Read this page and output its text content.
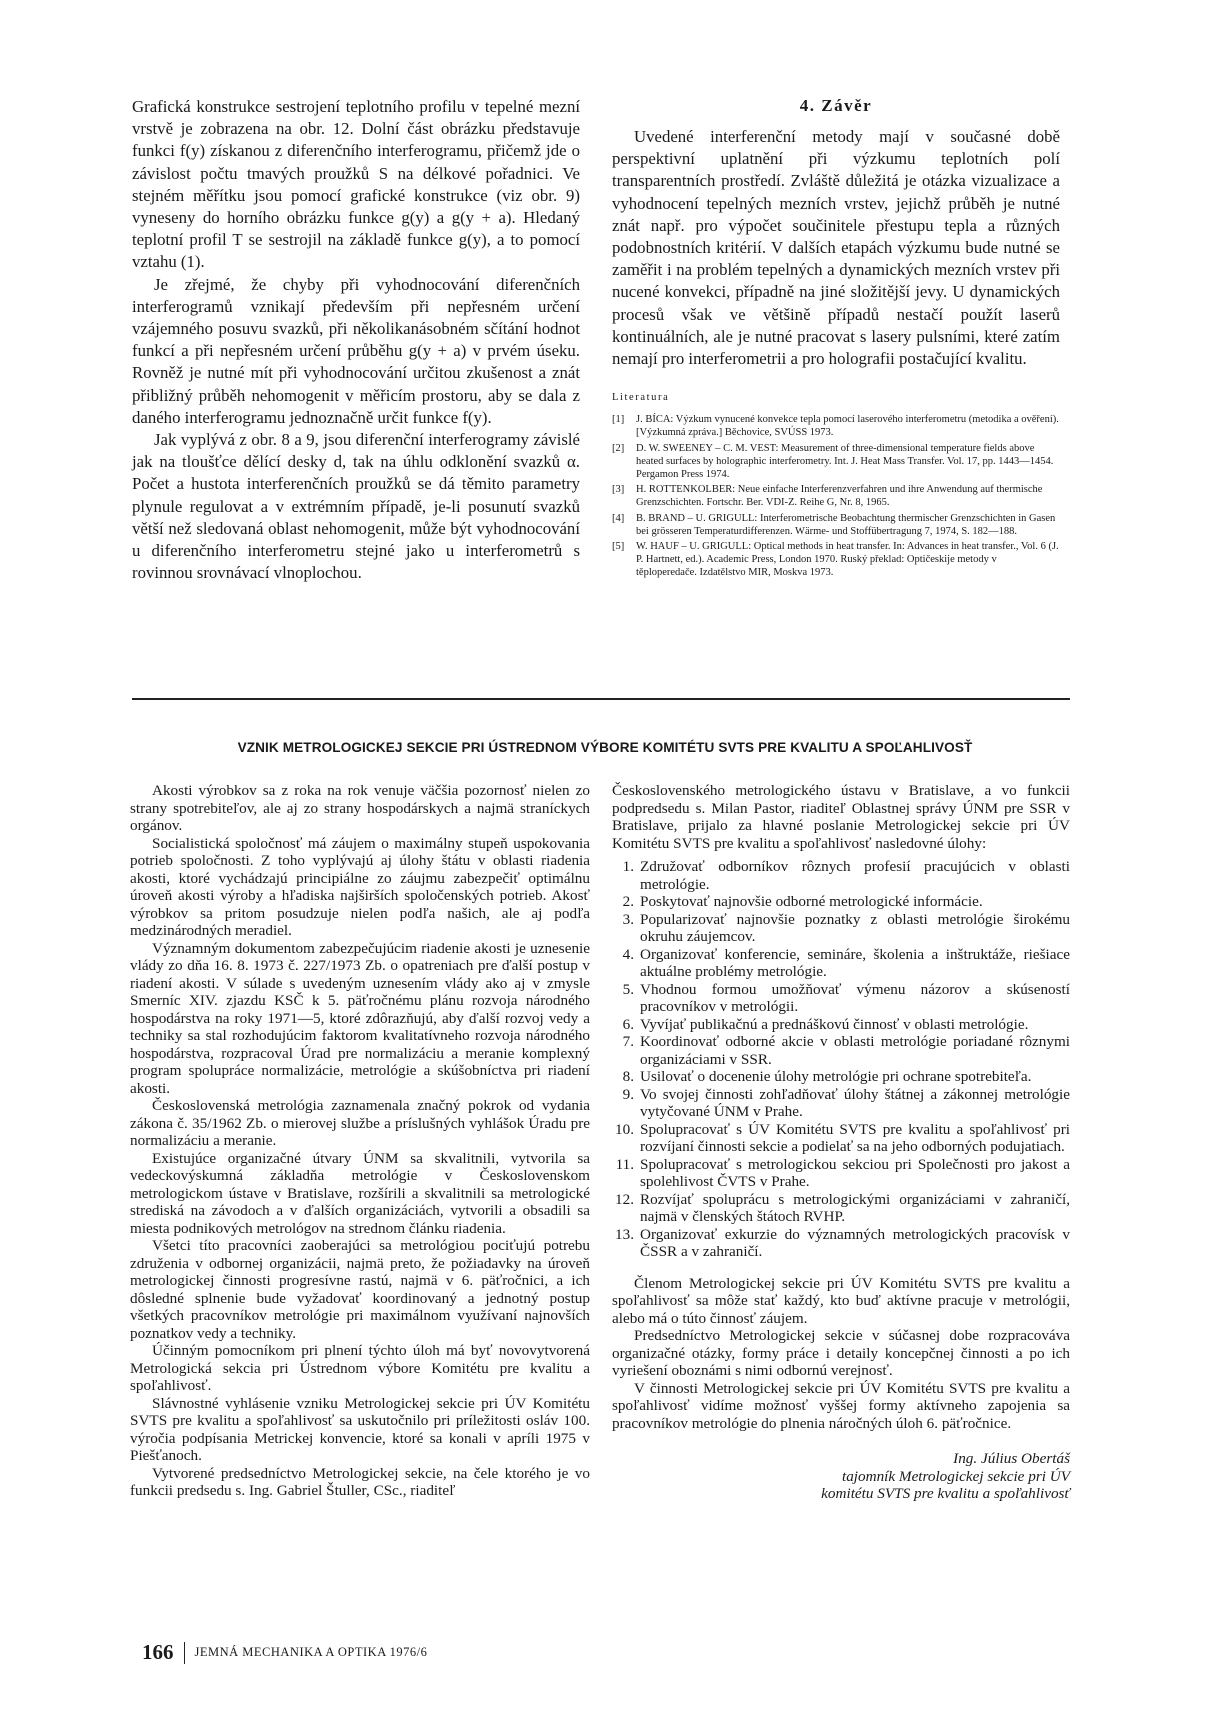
Grafická konstrukce sestrojení teplotního profilu v tepelné mezní vrstvě je zobrazena na obr. 12. Dolní část obrázku představuje funkci f(y) získanou z diferenčního interferogramu, přičemž jde o závislost počtu tmavých proužků S na délkové pořadnici. Ve stejném měřítku jsou pomocí grafické konstrukce (viz obr. 9) vyneseny do horního obrázku funkce g(y) a g(y + a). Hledaný teplotní profil T se sestrojil na základě funkce g(y), a to pomocí vztahu (1).

Je zřejmé, že chyby při vyhodnocování diferenčních interferogramů vznikají především při nepřesném určení vzájemného posuvu svazků, při několikanásobném sčítání hodnot funkcí a při nepřesném určení průběhu g(y + a) v prvém úseku. Rovněž je nutné mít při vyhodnocování určitou zkušenost a znát přibližný průběh nehomogenit v měřicím prostoru, aby se dala z daného interferogramu jednoznačně určit funkce f(y).

Jak vyplývá z obr. 8 a 9, jsou diferenční interferogramy závislé jak na tloušťce dělící desky d, tak na úhlu odklonění svazků α. Počet a hustota interferenčních proužků se dá těmito parametry plynule regulovat a v extrémním případě, je-li posunutí svazků větší než sledovaná oblast nehomogenit, může být vyhodnocování u diferenčního interferometru stejné jako u interferometrů s rovinnou srovnávací vlnoplochou.

4. Závěr

Uvedené interferenční metody mají v současné době perspektivní uplatnění při výzkumu teplotních polí transparentních prostředí. Zvláště důležitá je otázka vizualizace a vyhodnocení tepelných mezních vrstev, jejichž průběh je nutné znát např. pro výpočet součinitele přestupu tepla a různých podobnostních kritérií. V dalších etapách výzkumu bude nutné se zaměřit i na problém tepelných a dynamických mezních vrstev při nucené konvekci, případně na jiné složitější jevy. U dynamických procesů však ve většině případů nestačí použít laserů kontinuálních, ale je nutné pracovat s lasery pulsními, které zatím nemají pro interferometrii a pro holografii postačující kvalitu.

Literatura
[1] J. BÍCA: Výzkum vynucené konvekce tepla pomocí laserového interferometru (metodika a ověření). [Výzkumná zpráva.] Běchovice, SVÚSS 1973.
[2] D. W. SWEENEY – C. M. VEST: Measurement of three-dimensional temperature fields above heated surfaces by holographic interferometry. Int. J. Heat Mass Transfer. Vol. 17, pp. 1443—1454. Pergamon Press 1974.
[3] H. ROTTENKOLBER: Neue einfache Interferenzverfahren und ihre Anwendung auf thermische Grenzschichten. Fortschr. Ber. VDI-Z. Reihe G, Nr. 8, 1965.
[4] B. BRAND – U. GRIGULL: Interferometrische Beobachtung thermischer Grenzschichten in Gasen bei grösseren Temperaturdifferenzen. Wärme- und Stoffübertragung 7, 1974, S. 182—188.
[5] W. HAUF – U. GRIGULL: Optical methods in heat transfer. In: Advances in heat transfer., Vol. 6 (J. P. Hartnett, ed.). Academic Press, London 1970. Ruský překlad: Optičeskije metody v těploperedače. Izdatělstvo MIR, Moskva 1973.
VZNIK METROLOGICKEJ SEKCIE PRI ÚSTREDNOM VÝBORE KOMITÉTU SVTS PRE KVALITU A SPOĽAHLIVOSŤ

Akosti výrobkov sa z roka na rok venuje väčšia pozornosť nielen zo strany spotrebiteľov, ale aj zo strany hospodárskych a najmä straníckych orgánov.

Socialistická spoločnosť má záujem o maximálny stupeň uspokovania potrieb spoločnosti. Z toho vyplývajú aj úlohy štátu v oblasti riadenia akosti, ktoré vychádzajú principiálne zo záujmu zabezpečiť optimálnu úroveň akosti výroby a hľadiska najširších spoločenských potrieb. Akosť výrobkov sa pritom posudzuje nielen podľa našich, ale aj podľa medzinárodných meradiel.

Významným dokumentom zabezpečujúcim riadenie akosti je uznesenie vlády zo dňa 16. 8. 1973 č. 227/1973 Zb. o opatreniach pre ďalší postup v riadení akosti. V súlade s uvedeným uznesením vlády ako aj v zmysle Smerníc XIV. zjazdu KSČ k 5. päťročnému plánu rozvoja národného hospodárstva na roky 1971—5, ktoré zdôrazňujú, aby ďalší rozvoj vedy a techniky sa stal rozhodujúcim faktorom kvalitatívneho rozvoja národného hospodárstva, rozpracoval Úrad pre normalizáciu a meranie komplexný program spolupráce normalizácie, metrológie a skúšobníctva pri riadení akosti.

Československá metrológia zaznamenala značný pokrok od vydania zákona č. 35/1962 Zb. o mierovej službe a príslušných vyhlášok Úradu pre normalizáciu a meranie.

Existujúce organizačné útvary ÚNM sa skvalitnili, vytvorila sa vedeckovýskumná základňa metrológie v Československom metrologickom ústave v Bratislave, rozšírili a skvalitnili sa metrologické strediská na závodoch a v ďalších organizáciách, vytvorili a obsadili sa miesta podnikových metrológov na strednom článku riadenia.

Všetci títo pracovníci zaoberajúci sa metrológiou pociťujú potrebu združenia v odbornej organizácii, najmä preto, že požiadavky na úroveň metrologickej činnosti progresívne rastú, najmä v 6. päťročnici, a ich dôsledné splnenie bude vyžadovať koordinovaný a jednotný postup všetkých pracovníkov metrológie pri maximálnom využívaní najnovších poznatkov vedy a techniky.

Účinným pomocníkom pri plnení týchto úloh má byť novovytvorená Metrologická sekcia pri Ústrednom výbore Komitétu pre kvalitu a spoľahlivosť.

Slávnostné vyhlásenie vzniku Metrologickej sekcie pri ÚV Komitétu SVTS pre kvalitu a spoľahlivosť sa uskutočnilo pri príležitosti osláv 100. výročia podpísania Metrickej konvencie, ktoré sa konali v apríli 1975 v Piešťanoch.

Vytvorené predsedníctvo Metrologickej sekcie, na čele ktorého je vo funkcii predsedu s. Ing. Gabriel Štuller, CSc., riaditeľ

Československého metrologického ústavu v Bratislave, a vo funkcii podpredsedu s. Milan Pastor, riaditeľ Oblastnej správy ÚNM pre SSR v Bratislave, prijalo za hlavné poslanie Metrologickej sekcie pri ÚV Komitétu SVTS pre kvalitu a spoľahlivosť nasledovné úlohy:

1. Združovať odborníkov rôznych profesií pracujúcich v oblasti metrológie.
2. Poskytovať najnovšie odborné metrologické informácie.
3. Popularizovať najnovšie poznatky z oblasti metrológie širokému okruhu záujemcov.
4. Organizovať konferencie, semináre, školenia a inštruktáže, riešiace aktuálne problémy metrológie.
5. Vhodnou formou umožňovať výmenu názorov a skúseností pracovníkov v metrológii.
6. Vyvíjať publikačnú a prednáškovú činnosť v oblasti metrológie.
7. Koordinovať odborné akcie v oblasti metrológie poriadané rôznymi organizáciami v SSR.
8. Usilovať o docenenie úlohy metrológie pri ochrane spotrebiteľa.
9. Vo svojej činnosti zohľadňovať úlohy štátnej a zákonnej metrológie vytyčované ÚNM v Prahe.
10. Spolupracovať s ÚV Komitétu SVTS pre kvalitu a spoľahlivosť pri rozvíjaní činnosti sekcie a podielať sa na jeho odborných podujatiach.
11. Spolupracovať s metrologickou sekciou pri Společnosti pro jakost a spolehlivost ČVTS v Prahe.
12. Rozvíjať spoluprácu s metrologickými organizáciami v zahraničí, najmä v členských štátoch RVHP.
13. Organizovať exkurzie do významných metrologických pracovísk v ČSSR a v zahraničí.

Členom Metrologickej sekcie pri ÚV Komitétu SVTS pre kvalitu a spoľahlivosť sa môže stať každý, kto buď aktívne pracuje v metrológii, alebo má o túto činnosť záujem.

Predsedníctvo Metrologickej sekcie v súčasnej dobe rozpracováva organizačné otázky, formy práce i detaily koncepčnej činnosti a po ich vyriešení oboznámi s nimi odbornú verejnosť.

V činnosti Metrologickej sekcie pri ÚV Komitétu SVTS pre kvalitu a spoľahlivosť vidíme možnosť vyššej formy aktívneho zapojenia sa pracovníkov metrológie do plnenia náročných úloh 6. päťročnice.

Ing. Július Obertáš
tajomník Metrologickej sekcie pri ÚV
komitétu SVTS pre kvalitu a spoľahlivosť
166 JEMNÁ MECHANIKA A OPTIKA 1976/6
